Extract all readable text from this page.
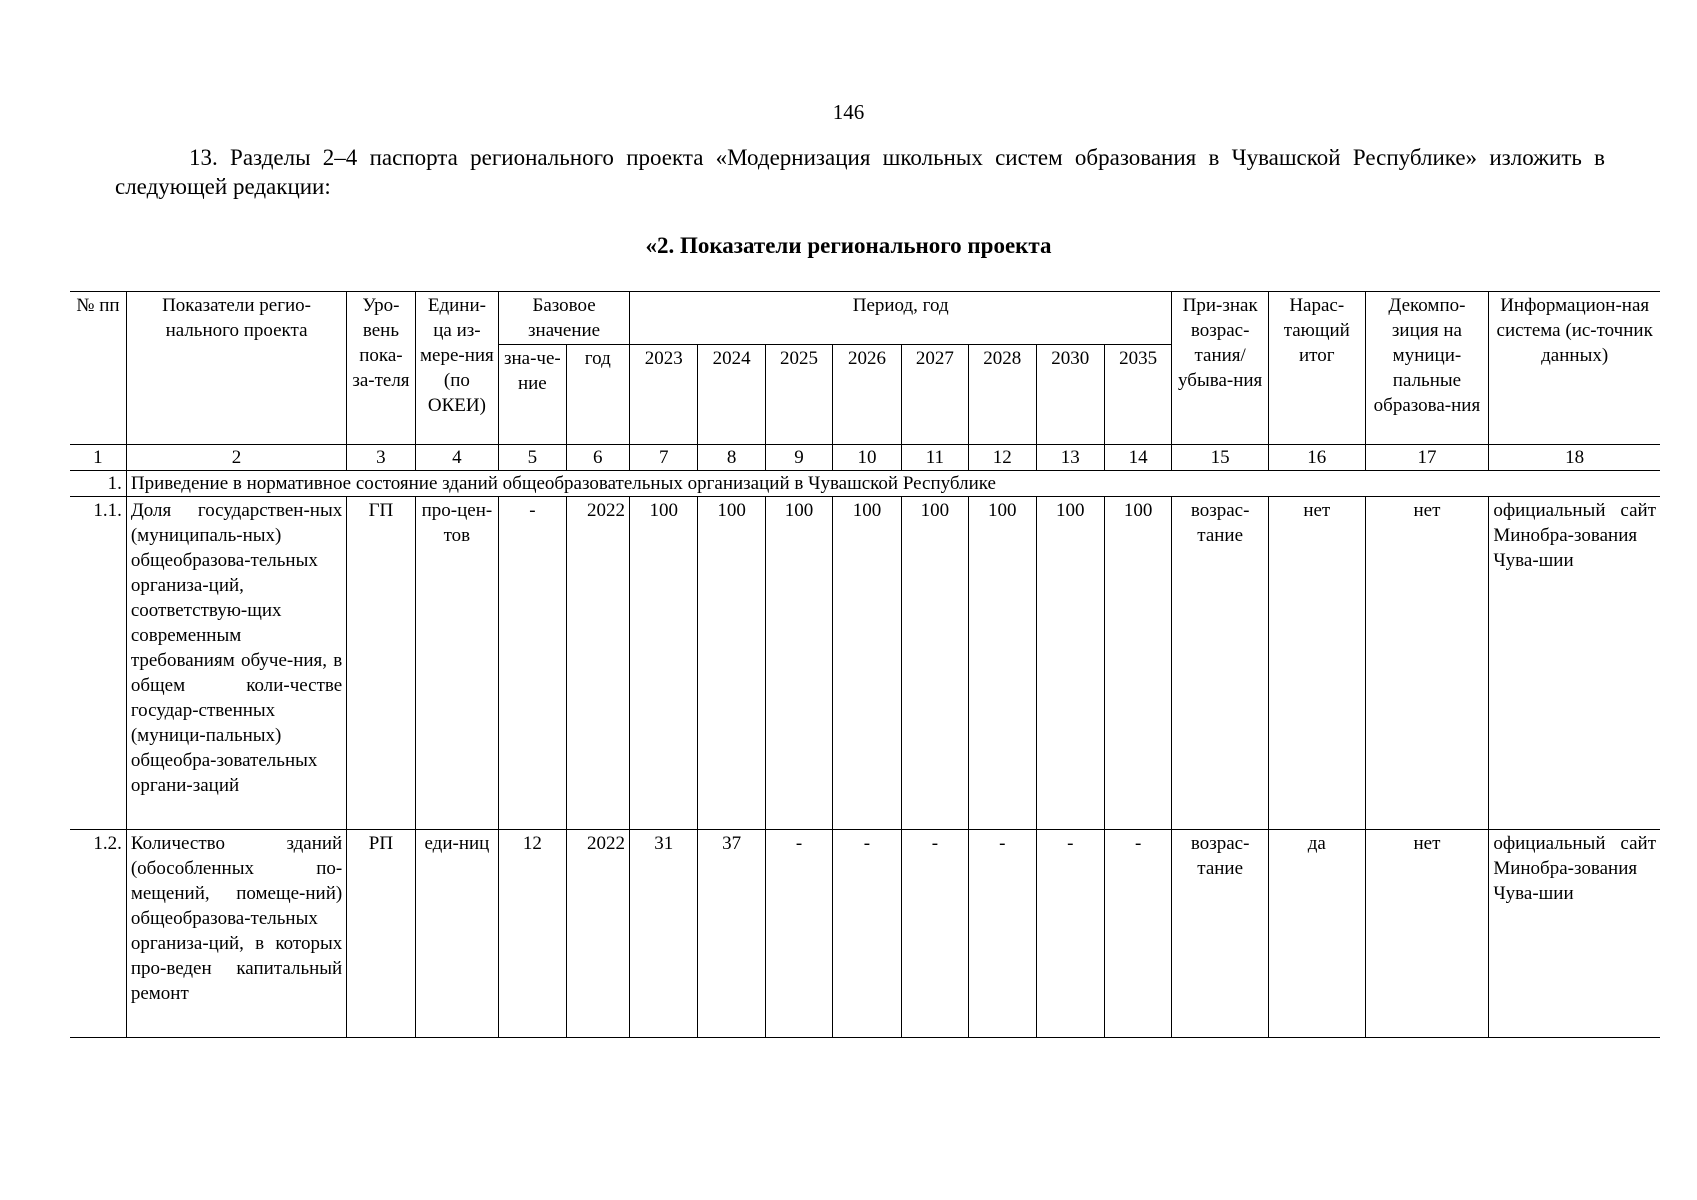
146
13. Разделы 2–4 паспорта регионального проекта «Модернизация школьных систем образования в Чувашской Республике» изложить в следующей редакции:
«2. Показатели регионального проекта
№ пп	Показатели регио-нального проекта	Уро-вень пока-за-теля	Едини-ца из-мере-ния (по ОКЕИ)	Базовое значение		Период, год								При-знак возрас-тания/ убыва-ния	Нарас-тающий итог	Декомпо-зиция на муници-пальные образова-ния	Информацион-ная система (ис-точник данных)
				зна-че-ние	год	2023	2024	2025	2026	2027	2028	2030	2035				
1	2	3	4	5	6	7	8	9	10	11	12	13	14	15	16	17	18
1.	Приведение в нормативное состояние зданий общеобразовательных организаций в Чувашской Республике																
1.1.	Доля государствен-ных (муниципаль-ных) общеобразова-тельных организа-ций, соответствую-щих современным требованиям обуче-ния, в общем коли-честве государ-ственных (муници-пальных) общеобра-зовательных органи-заций	ГП	про-цен-тов	-	2022	100	100	100	100	100	100	100	100	возрас-тание	нет	нет	официальный сайт Минобра-зования Чува-шии
1.2.	Количество зданий (обособленных по-мещений, помеще-ний) общеобразова-тельных организа-ций, в которых про-веден капитальный ремонт	РП	еди-ниц	12	2022	31	37	-	-	-	-	-	-	возрас-тание	да	нет	официальный сайт Минобра-зования Чува-шии
